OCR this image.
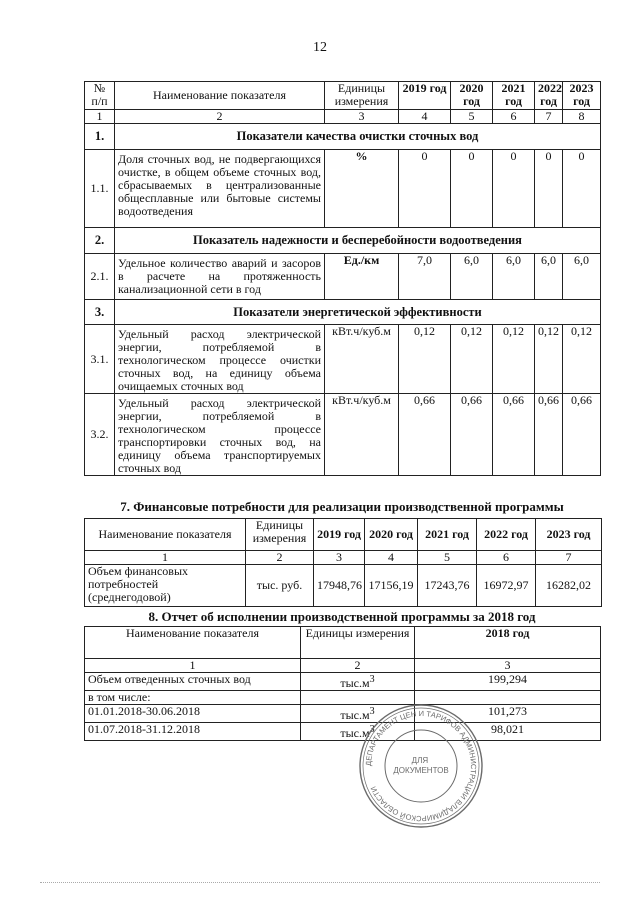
12
№ п/п	Наименование показателя	Единицы измерения	2019 год	2020 год	2021 год	2022 год	2023 год
1	2	3	4	5	6	7	8
1.	Показатели качества очистки сточных вод						
1.1.	Доля сточных вод, не подвергающихся очистке, в общем объеме сточных вод, сбрасываемых в централизованные общесплавные или бытовые системы водоотведения	%	0	0	0	0	0
2.	Показатель надежности и бесперебойности водоотведения						
2.1.	Удельное количество аварий и засоров в расчете на протяженность канализационной сети в год	Ед./км	7,0	6,0	6,0	6,0	6,0
3.	Показатели энергетической эффективности						
3.1.	Удельный расход электрической энергии, потребляемой в технологическом процессе очистки сточных вод, на единицу объема очищаемых сточных вод	кВт.ч/куб.м	0,12	0,12	0,12	0,12	0,12
3.2.	Удельный расход электрической энергии, потребляемой в технологическом процессе транспортировки сточных вод, на единицу объема транспортируемых сточных вод	кВт.ч/куб.м	0,66	0,66	0,66	0,66	0,66
7. Финансовые потребности для реализации производственной программы
Наименование показателя	Единицы измерения	2019 год	2020 год	2021 год	2022 год	2023 год
1	2	3	4	5	6	7
Объем финансовых потребностей (среднегодовой)	тыс. руб.	17948,76	17156,19	17243,76	16972,97	16282,02
8. Отчет об исполнении производственной программы за 2018 год
Наименование показателя	Единицы измерения	2018 год
1	2	3
Объем отведенных сточных вод	$тыс.м^3$	199,294
в том числе:		
01.01.2018-30.06.2018	$тыс.м^3$	101,273
01.07.2018-31.12.2018	$тыс.м^3$	98,021
ДЕПАРТАМЕНТ ЦЕН И ТАРИФОВ АДМИНИСТРАЦИИ ВЛАДИМИРСКОЙ ОБЛАСТИ
ДЛЯ ДОКУМЕНТОВ
